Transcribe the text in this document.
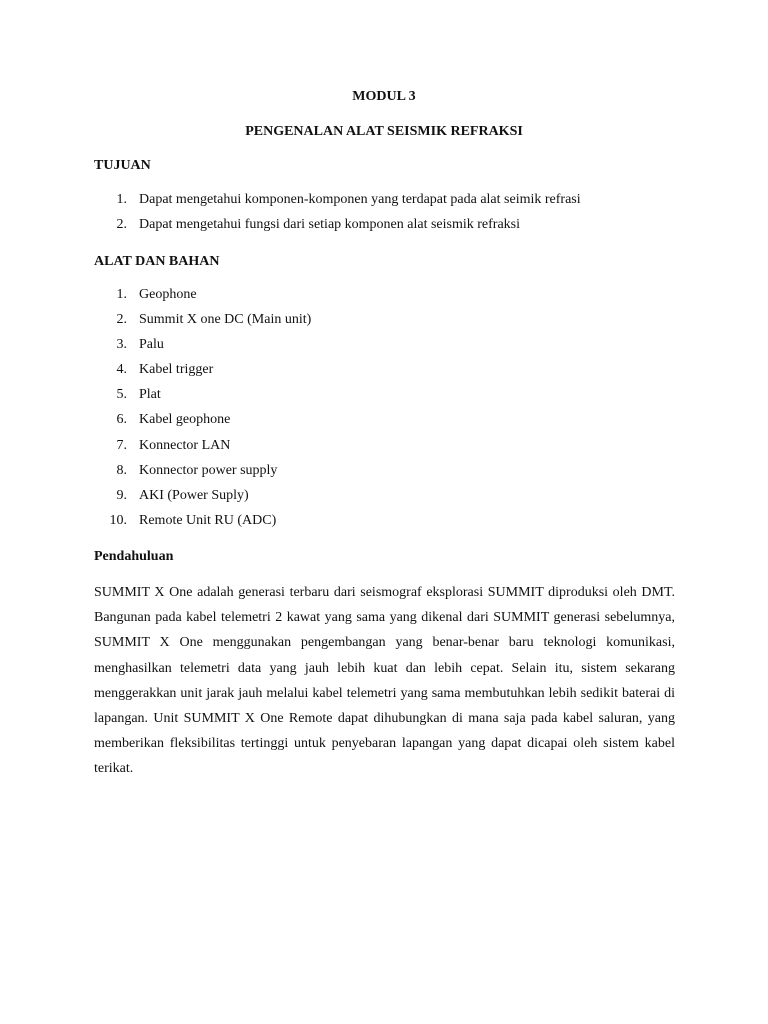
MODUL 3
PENGENALAN ALAT SEISMIK REFRAKSI
TUJUAN
1. Dapat mengetahui komponen-komponen yang terdapat pada alat seimik refrasi
2. Dapat mengetahui fungsi dari setiap komponen alat seismik refraksi
ALAT DAN BAHAN
1. Geophone
2. Summit X one DC (Main unit)
3. Palu
4. Kabel trigger
5. Plat
6. Kabel geophone
7. Konnector LAN
8. Konnector power supply
9. AKI (Power Suply)
10. Remote Unit RU (ADC)
Pendahuluan

SUMMIT X One adalah generasi terbaru dari seismograf eksplorasi SUMMIT diproduksi oleh DMT. Bangunan pada kabel telemetri 2 kawat yang sama yang dikenal dari SUMMIT generasi sebelumnya, SUMMIT X One menggunakan pengembangan yang benar-benar baru teknologi komunikasi, menghasilkan telemetri data yang jauh lebih kuat dan lebih cepat. Selain itu, sistem sekarang menggerakkan unit jarak jauh melalui kabel telemetri yang sama membutuhkan lebih sedikit baterai di lapangan. Unit SUMMIT X One Remote dapat dihubungkan di mana saja pada kabel saluran, yang memberikan fleksibilitas tertinggi untuk penyebaran lapangan yang dapat dicapai oleh sistem kabel terikat.
